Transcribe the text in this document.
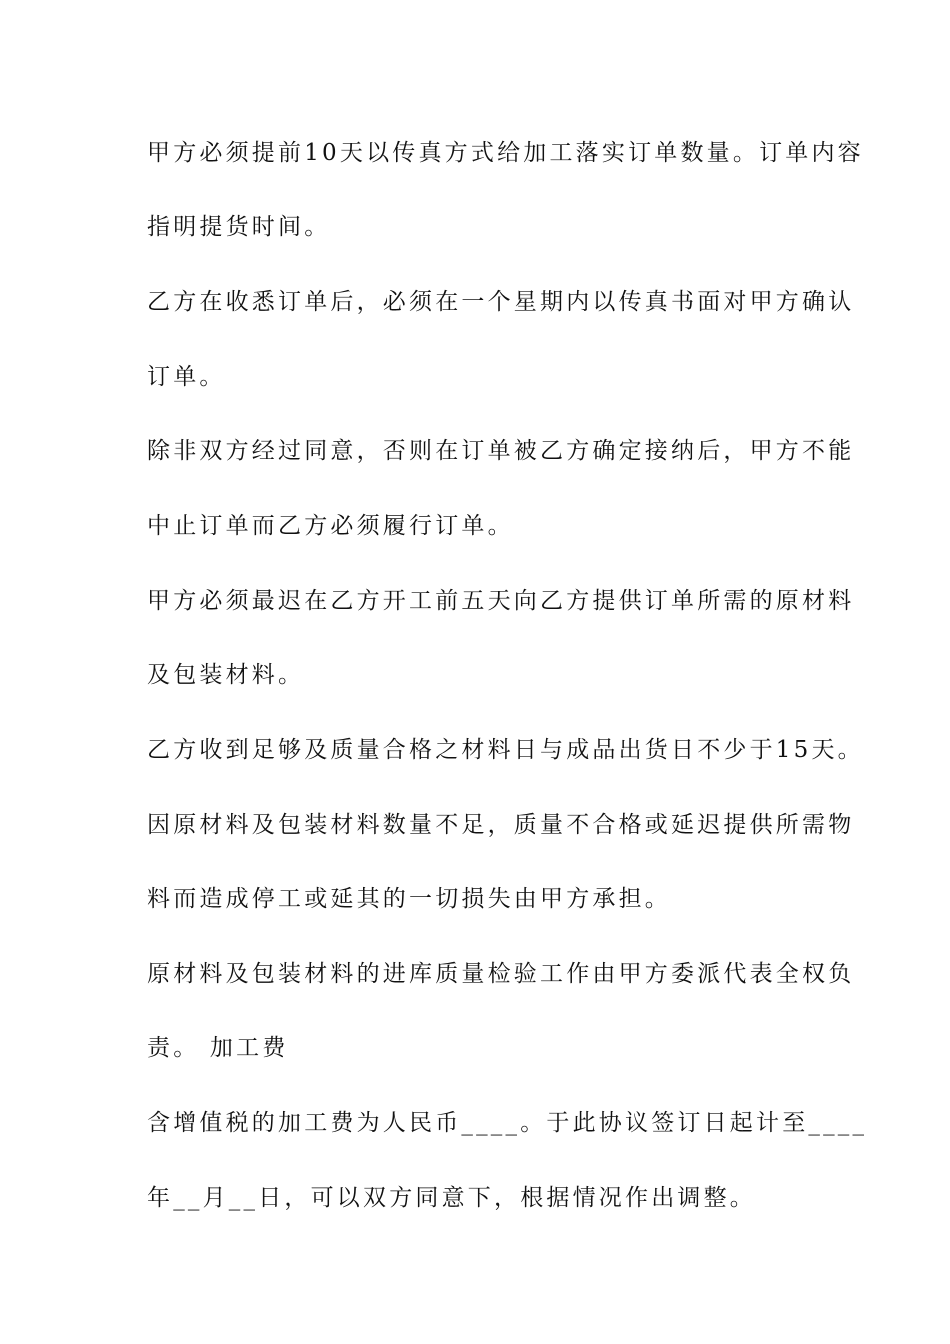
甲方必须提前10天以传真方式给加工落实订单数量。订单内容
指明提货时间。
乙方在收悉订单后，必须在一个星期内以传真书面对甲方确认
订单。
除非双方经过同意，否则在订单被乙方确定接纳后，甲方不能
中止订单而乙方必须履行订单。
甲方必须最迟在乙方开工前五天向乙方提供订单所需的原材料
及包装材料。
乙方收到足够及质量合格之材料日与成品出货日不少于15天。
因原材料及包装材料数量不足，质量不合格或延迟提供所需物
料而造成停工或延其的一切损失由甲方承担。
原材料及包装材料的进库质量检验工作由甲方委派代表全权负
责。 加工费
含增值税的加工费为人民币____。于此协议签订日起计至____
年__月__日，可以双方同意下，根据情况作出调整。
